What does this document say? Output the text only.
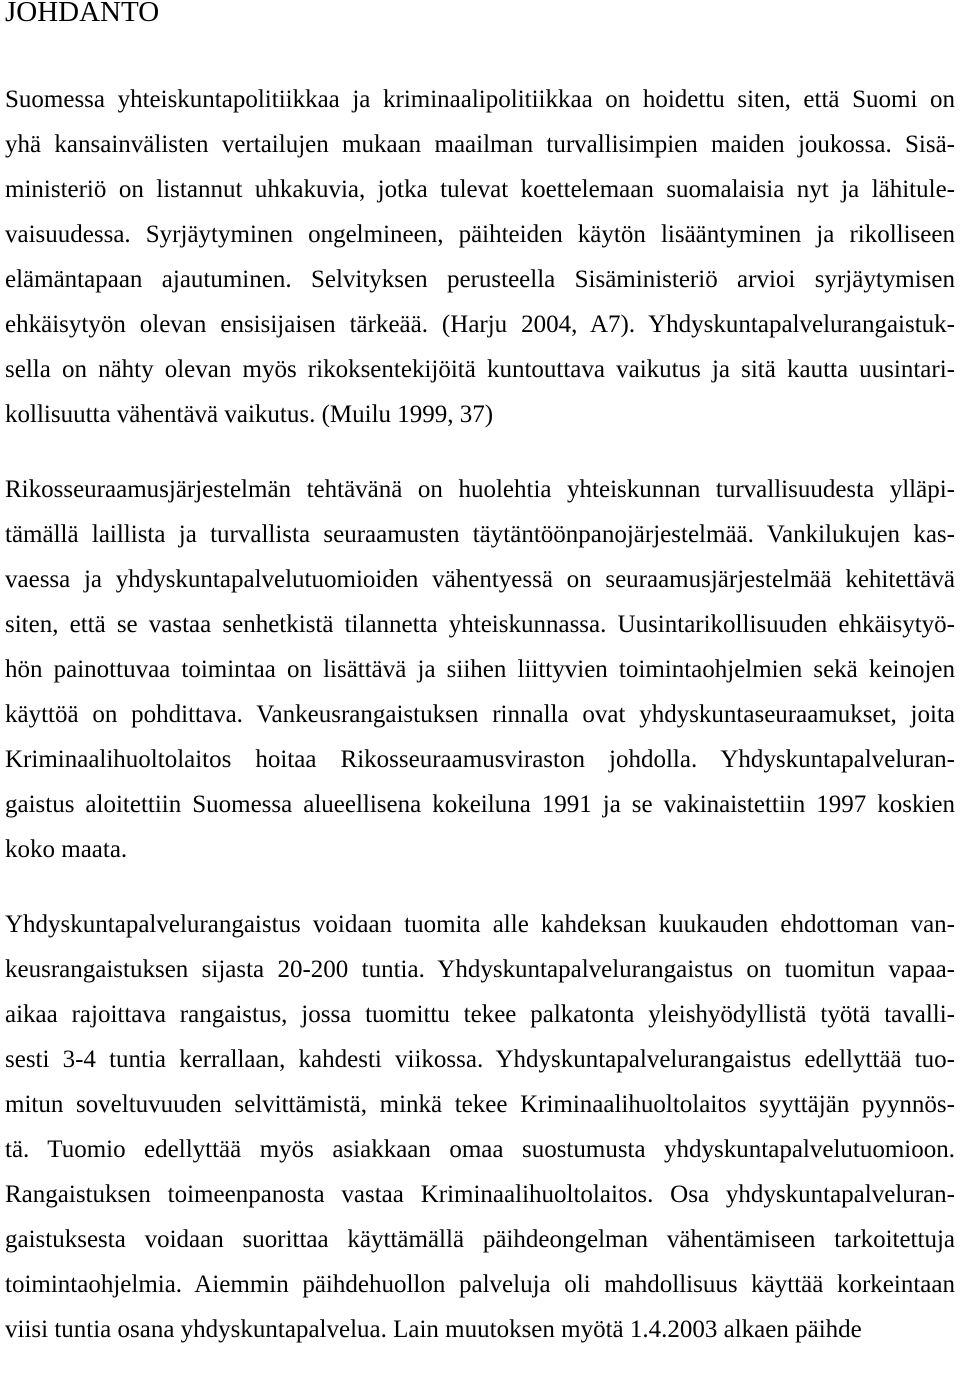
JOHDANTO
Suomessa yhteiskuntapolitiikkaa ja kriminaalipolitiikkaa on hoidettu siten, että Suomi on
yhä kansainvälisten vertailujen mukaan maailman turvallisimpien maiden joukossa. Sisä-
ministeriö on listannut uhkakuvia, jotka tulevat koettelemaan suomalaisia nyt ja lähitule-
vaisuudessa. Syrjäytyminen ongelmineen, päihteiden käytön lisääntyminen ja rikolliseen
elämäntapaan ajautuminen. Selvityksen perusteella Sisäministeriö arvioi syrjäytymisen
ehkäisytyön olevan ensisijaisen tärkeää. (Harju 2004, A7). Yhdyskuntapalvelurangaistuk-
sella on nähty olevan myös rikoksentekijöitä kuntouttava vaikutus ja sitä kautta uusintari-
kollisuutta vähentävä vaikutus. (Muilu 1999, 37)
Rikosseuraamusjärjestelmän tehtävänä on huolehtia yhteiskunnan turvallisuudesta ylläpi-
tämällä laillista ja turvallista seuraamusten täytäntöönpanojärjestelmää. Vankilukujen kas-
vaessa ja yhdyskuntapalvelutuomioiden vähentyessä on seuraamusjärjestelmää kehitettävä
siten, että se vastaa senhetkistä tilannetta yhteiskunnassa. Uusintarikollisuuden ehkäisytyö-
hön painottuvaa toimintaa on lisättävä ja siihen liittyvien toimintaohjelmien sekä keinojen
käyttöä on pohdittava. Vankeusrangaistuksen rinnalla ovat yhdyskuntaseuraamukset, joita
Kriminaalihuoltolaitos hoitaa Rikosseuraamusviraston johdolla. Yhdyskuntapalveluran-
gaistus aloitettiin Suomessa alueellisena kokeiluna 1991 ja se vakinaistettiin 1997 koskien
koko maata.
Yhdyskuntapalvelurangaistus voidaan tuomita alle kahdeksan kuukauden ehdottoman van-
keusrangaistuksen sijasta 20-200 tuntia. Yhdyskuntapalvelurangaistus on tuomitun vapaa-
aikaa rajoittava rangaistus, jossa tuomittu tekee palkatonta yleishyödyllistä työtä tavalli-
sesti 3-4 tuntia kerrallaan, kahdesti viikossa. Yhdyskuntapalvelurangaistus edellyttää tuo-
mitun soveltuvuuden selvittämistä, minkä tekee Kriminaalihuoltolaitos syyttäjän pyynnös-
tä. Tuomio edellyttää myös asiakkaan omaa suostumusta yhdyskuntapalvelutuomioon.
Rangaistuksen toimeenpanosta vastaa Kriminaalihuoltolaitos. Osa yhdyskuntapalveluran-
gaistuksesta voidaan suorittaa käyttämällä päihdeongelman vähentämiseen tarkoitettuja
toimintaohjelmia. Aiemmin päihdehuollon palveluja oli mahdollisuus käyttää korkeintaan
viisi tuntia osana yhdyskuntapalvelua. Lain muutoksen myötä 1.4.2003 alkaen päihde
